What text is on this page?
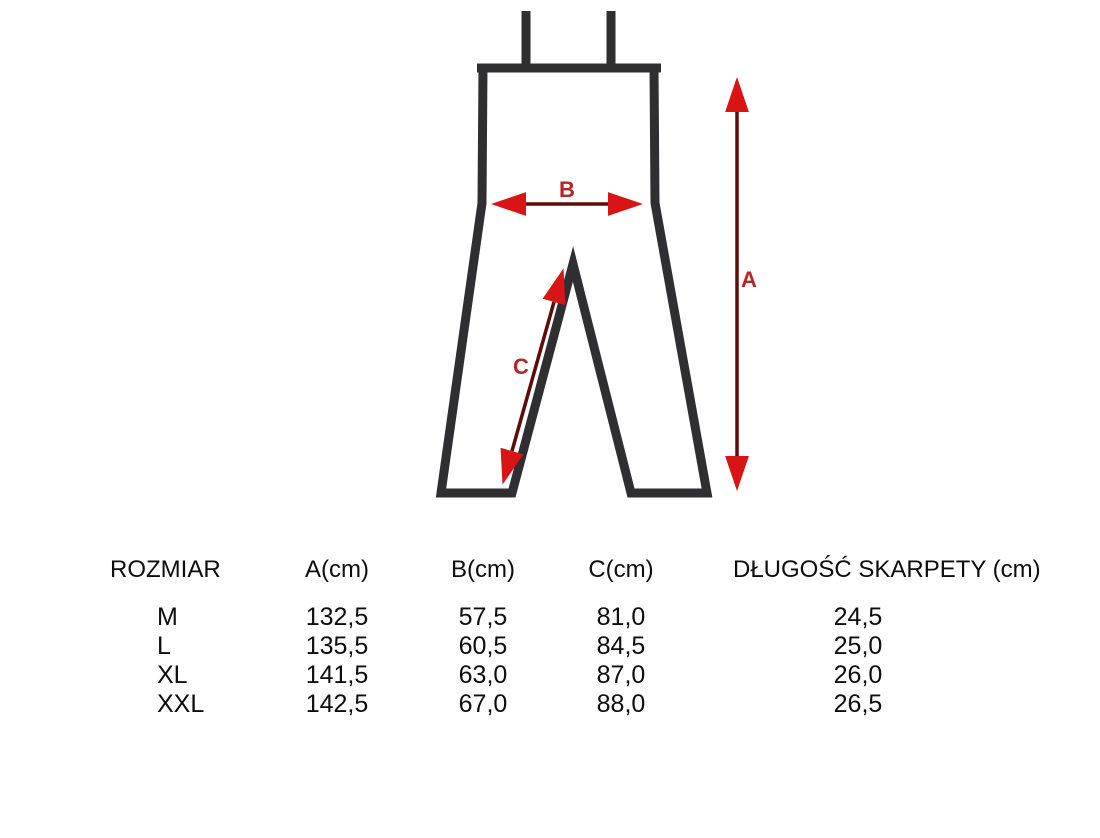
A
B
C
ROZMIAR	A(cm)	B(cm)	C(cm)	DŁUGOŚĆ SKARPETY (cm)
M	132,5	57,5	81,0	24,5
L	135,5	60,5	84,5	25,0
XL	141,5	63,0	87,0	26,0
XXL	142,5	67,0	88,0	26,5
